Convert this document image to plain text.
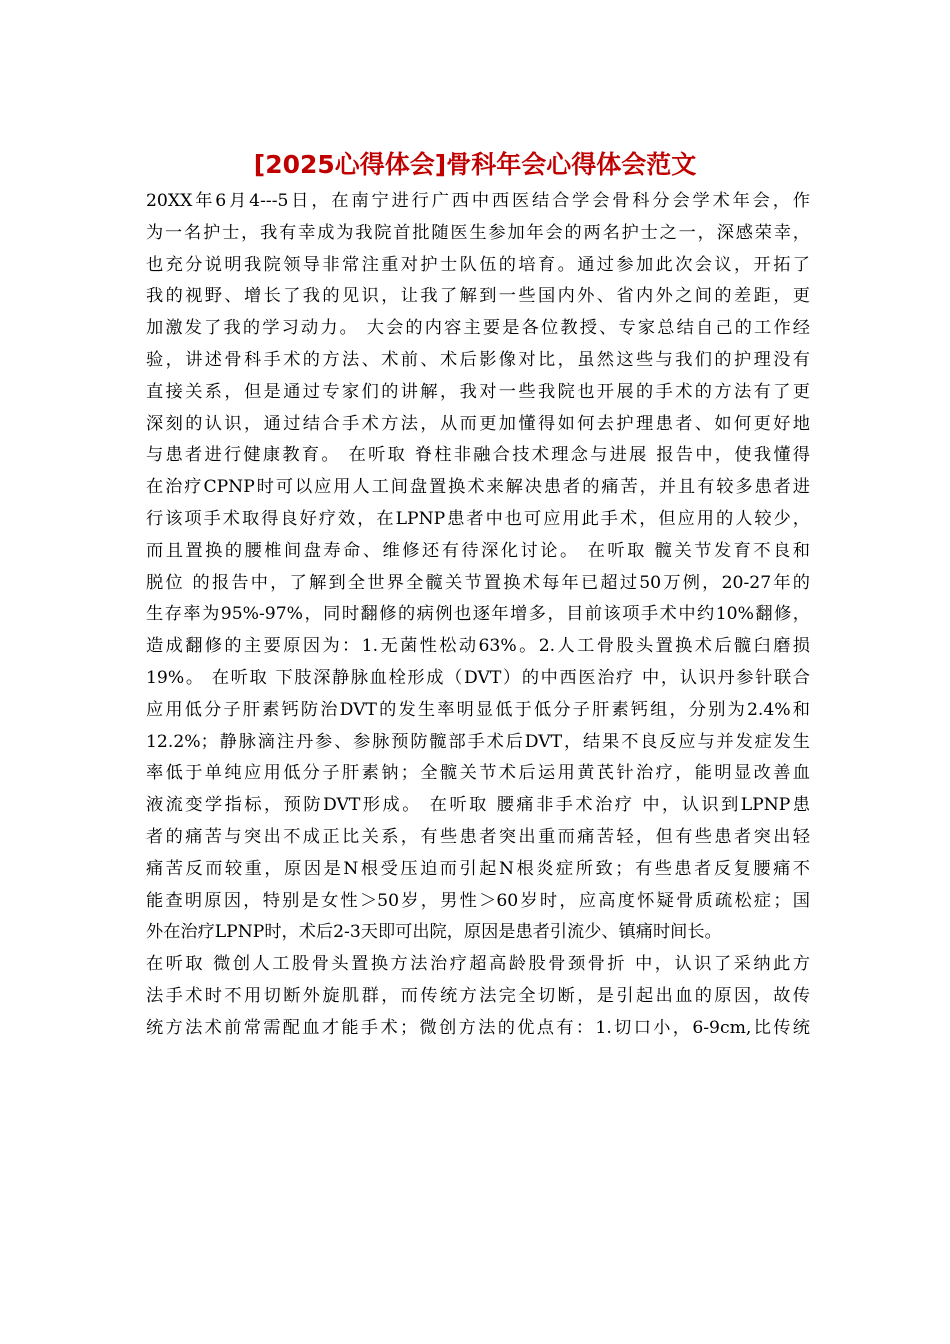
[2025心得体会]骨科年会心得体会范文
20XX年6月4---5日，在南宁进行广西中西医结合学会骨科分会学术年会，作
为一名护士，我有幸成为我院首批随医生参加年会的两名护士之一，深感荣幸，
也充分说明我院领导非常注重对护士队伍的培育。通过参加此次会议，开拓了
我的视野、增长了我的见识，让我了解到一些国内外、省内外之间的差距，更
加激发了我的学习动力。 大会的内容主要是各位教授、专家总结自己的工作经
验，讲述骨科手术的方法、术前、术后影像对比，虽然这些与我们的护理没有
直接关系，但是通过专家们的讲解，我对一些我院也开展的手术的方法有了更
深刻的认识，通过结合手术方法，从而更加懂得如何去护理患者、如何更好地
与患者进行健康教育。 在听取 脊柱非融合技术理念与进展 报告中，使我懂得
在治疗CPNP时可以应用人工间盘置换术来解决患者的痛苦，并且有较多患者进
行该项手术取得良好疗效，在LPNP患者中也可应用此手术，但应用的人较少，
而且置换的腰椎间盘寿命、维修还有待深化讨论。 在听取 髋关节发育不良和
脱位 的报告中，了解到全世界全髋关节置换术每年已超过50万例，20-27年的
生存率为95%-97%，同时翻修的病例也逐年增多，目前该项手术中约10%翻修，
造成翻修的主要原因为：1.无菌性松动63%。2.人工骨股头置换术后髋臼磨损
19%。 在听取 下肢深静脉血栓形成（DVT）的中西医治疗 中，认识丹参针联合
应用低分子肝素钙防治DVT的发生率明显低于低分子肝素钙组，分别为2.4%和
12.2%；静脉滴注丹参、参脉预防髋部手术后DVT，结果不良反应与并发症发生
率低于单纯应用低分子肝素钠；全髋关节术后运用黄芪针治疗，能明显改善血
液流变学指标，预防DVT形成。 在听取 腰痛非手术治疗 中，认识到LPNP患
者的痛苦与突出不成正比关系，有些患者突出重而痛苦轻，但有些患者突出轻
痛苦反而较重，原因是N根受压迫而引起N根炎症所致；有些患者反复腰痛不
能查明原因，特别是女性＞50岁，男性＞60岁时，应高度怀疑骨质疏松症；国
外在治疗LPNP时，术后2-3天即可出院，原因是患者引流少、镇痛时间长。
在听取 微创人工股骨头置换方法治疗超高龄股骨颈骨折 中，认识了采纳此方
法手术时不用切断外旋肌群，而传统方法完全切断，是引起出血的原因，故传
统方法术前常需配血才能手术；微创方法的优点有：1.切口小，6-9cm,比传统
